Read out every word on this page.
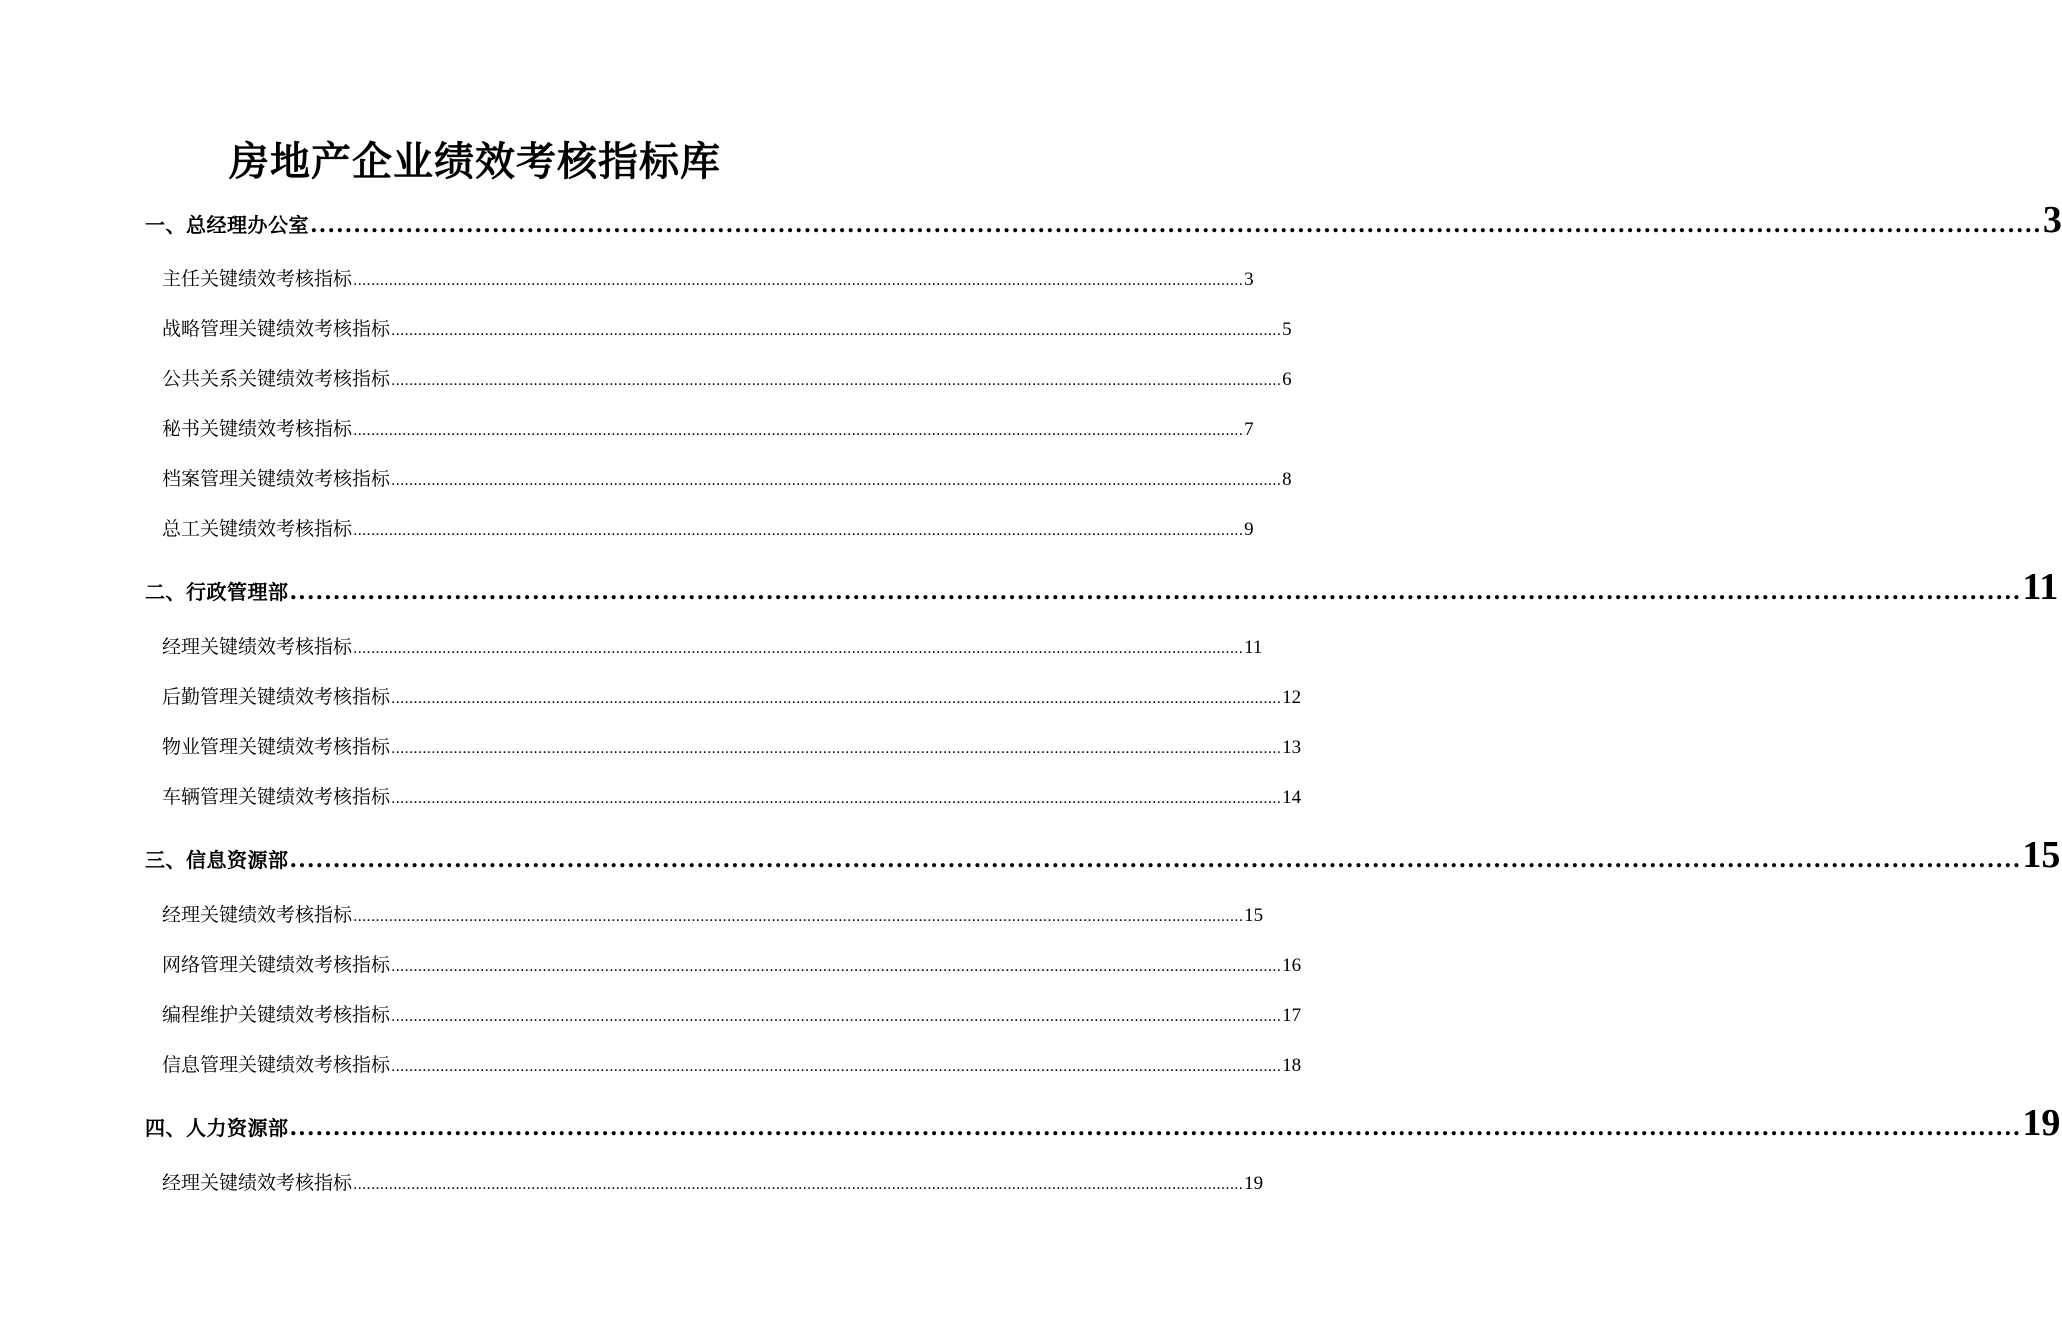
房地产企业绩效考核指标库
一、总经理办公室 ........................................................................................................................................................................................................ 3
主任关键绩效考核指标 ........................................................................................................................................................................................................ 3
战略管理关键绩效考核指标 ........................................................................................................................................................................................................ 5
公共关系关键绩效考核指标 ........................................................................................................................................................................................................ 6
秘书关键绩效考核指标 ........................................................................................................................................................................................................ 7
档案管理关键绩效考核指标 ........................................................................................................................................................................................................ 8
总工关键绩效考核指标 ........................................................................................................................................................................................................ 9
二、行政管理部 ........................................................................................................................................................................................................ 11
经理关键绩效考核指标 ........................................................................................................................................................................................................ 11
后勤管理关键绩效考核指标 ........................................................................................................................................................................................................ 12
物业管理关键绩效考核指标 ........................................................................................................................................................................................................ 13
车辆管理关键绩效考核指标 ........................................................................................................................................................................................................ 14
三、信息资源部 ........................................................................................................................................................................................................ 15
经理关键绩效考核指标 ........................................................................................................................................................................................................ 15
网络管理关键绩效考核指标 ........................................................................................................................................................................................................ 16
编程维护关键绩效考核指标 ........................................................................................................................................................................................................ 17
信息管理关键绩效考核指标 ........................................................................................................................................................................................................ 18
四、人力资源部 ........................................................................................................................................................................................................ 19
经理关键绩效考核指标 ........................................................................................................................................................................................................ 19
